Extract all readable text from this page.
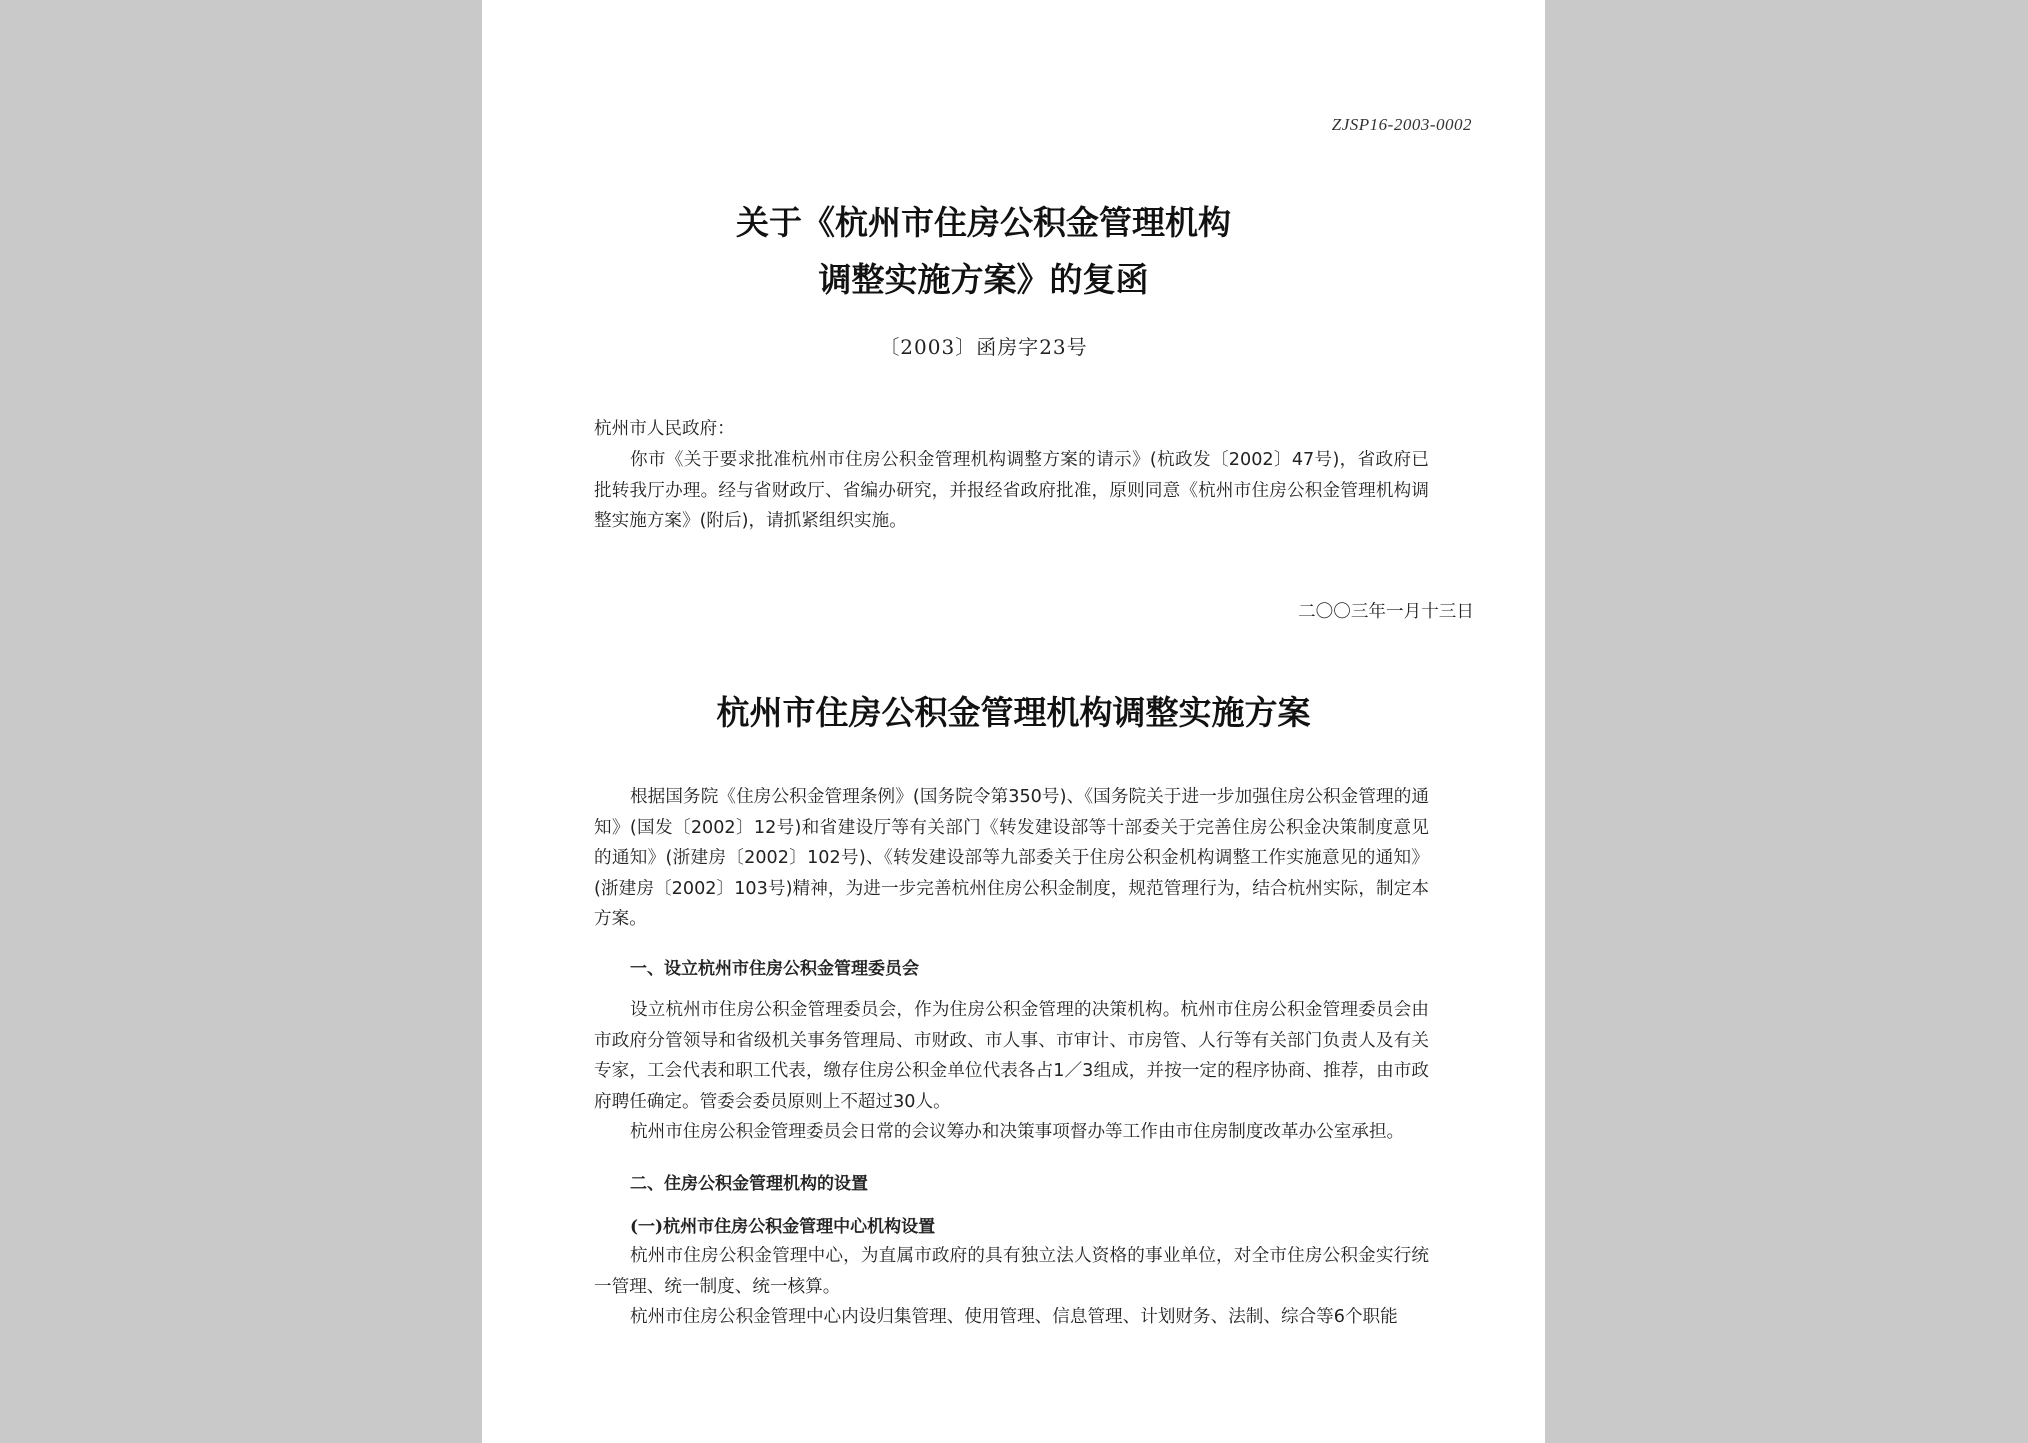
ZJSP16-2003-0002
关于《杭州市住房公积金管理机构
调整实施方案》的复函
〔2003〕函房字23号
杭州市人民政府：
你市《关于要求批准杭州市住房公积金管理机构调整方案的请示》(杭政发〔2002〕47号)，省政府已批转我厅办理。经与省财政厅、省编办研究，并报经省政府批准，原则同意《杭州市住房公积金管理机构调整实施方案》(附后)，请抓紧组织实施。
二〇〇三年一月十三日
杭州市住房公积金管理机构调整实施方案
根据国务院《住房公积金管理条例》(国务院令第350号)、《国务院关于进一步加强住房公积金管理的通知》(国发〔2002〕12号)和省建设厅等有关部门《转发建设部等十部委关于完善住房公积金决策制度意见的通知》(浙建房〔2002〕102号)、《转发建设部等九部委关于住房公积金机构调整工作实施意见的通知》(浙建房〔2002〕103号)精神，为进一步完善杭州住房公积金制度，规范管理行为，结合杭州实际，制定本方案。
一、设立杭州市住房公积金管理委员会
设立杭州市住房公积金管理委员会，作为住房公积金管理的决策机构。杭州市住房公积金管理委员会由市政府分管领导和省级机关事务管理局、市财政、市人事、市审计、市房管、人行等有关部门负责人及有关专家，工会代表和职工代表，缴存住房公积金单位代表各占1／3组成，并按一定的程序协商、推荐，由市政府聘任确定。管委会委员原则上不超过30人。
杭州市住房公积金管理委员会日常的会议筹办和决策事项督办等工作由市住房制度改革办公室承担。
二、住房公积金管理机构的设置
(一)杭州市住房公积金管理中心机构设置
杭州市住房公积金管理中心，为直属市政府的具有独立法人资格的事业单位，对全市住房公积金实行统一管理、统一制度、统一核算。
杭州市住房公积金管理中心内设归集管理、使用管理、信息管理、计划财务、法制、综合等6个职能
